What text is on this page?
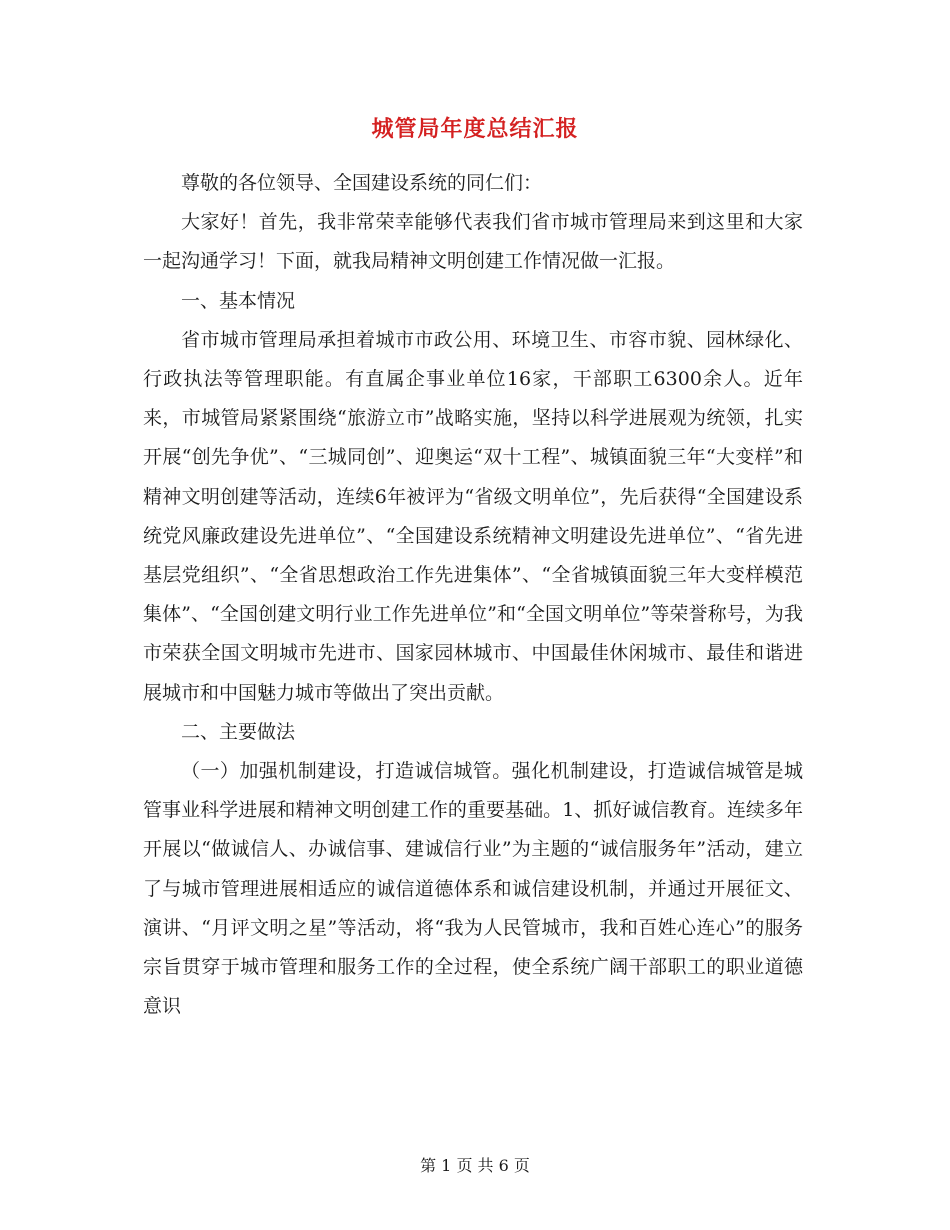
城管局年度总结汇报

尊敬的各位领导、全国建设系统的同仁们：

大家好！首先，我非常荣幸能够代表我们省市城市管理局来到这里和大家一起沟通学习！下面，就我局精神文明创建工作情况做一汇报。

一、基本情况

省市城市管理局承担着城市市政公用、环境卫生、市容市貌、园林绿化、行政执法等管理职能。有直属企事业单位16家，干部职工6300余人。近年来，市城管局紧紧围绕“旅游立市”战略实施，坚持以科学进展观为统领，扎实开展“创先争优”、“三城同创”、迎奥运“双十工程”、城镇面貌三年“大变样”和精神文明创建等活动，连续6年被评为“省级文明单位”，先后获得“全国建设系统党风廉政建设先进单位”、“全国建设系统精神文明建设先进单位”、“省先进基层党组织”、“全省思想政治工作先进集体”、“全省城镇面貌三年大变样模范集体”、“全国创建文明行业工作先进单位”和“全国文明单位”等荣誉称号，为我市荣获全国文明城市先进市、国家园林城市、中国最佳休闲城市、最佳和谐进展城市和中国魅力城市等做出了突出贡献。

二、主要做法

（一）加强机制建设，打造诚信城管。强化机制建设，打造诚信城管是城管事业科学进展和精神文明创建工作的重要基础。1、抓好诚信教育。连续多年开展以“做诚信人、办诚信事、建诚信行业”为主题的“诚信服务年”活动，建立了与城市管理进展相适应的诚信道德体系和诚信建设机制，并通过开展征文、演讲、“月评文明之星”等活动，将“我为人民管城市，我和百姓心连心”的服务宗旨贯穿于城市管理和服务工作的全过程，使全系统广阔干部职工的职业道德意识

第 1 页 共 6 页
